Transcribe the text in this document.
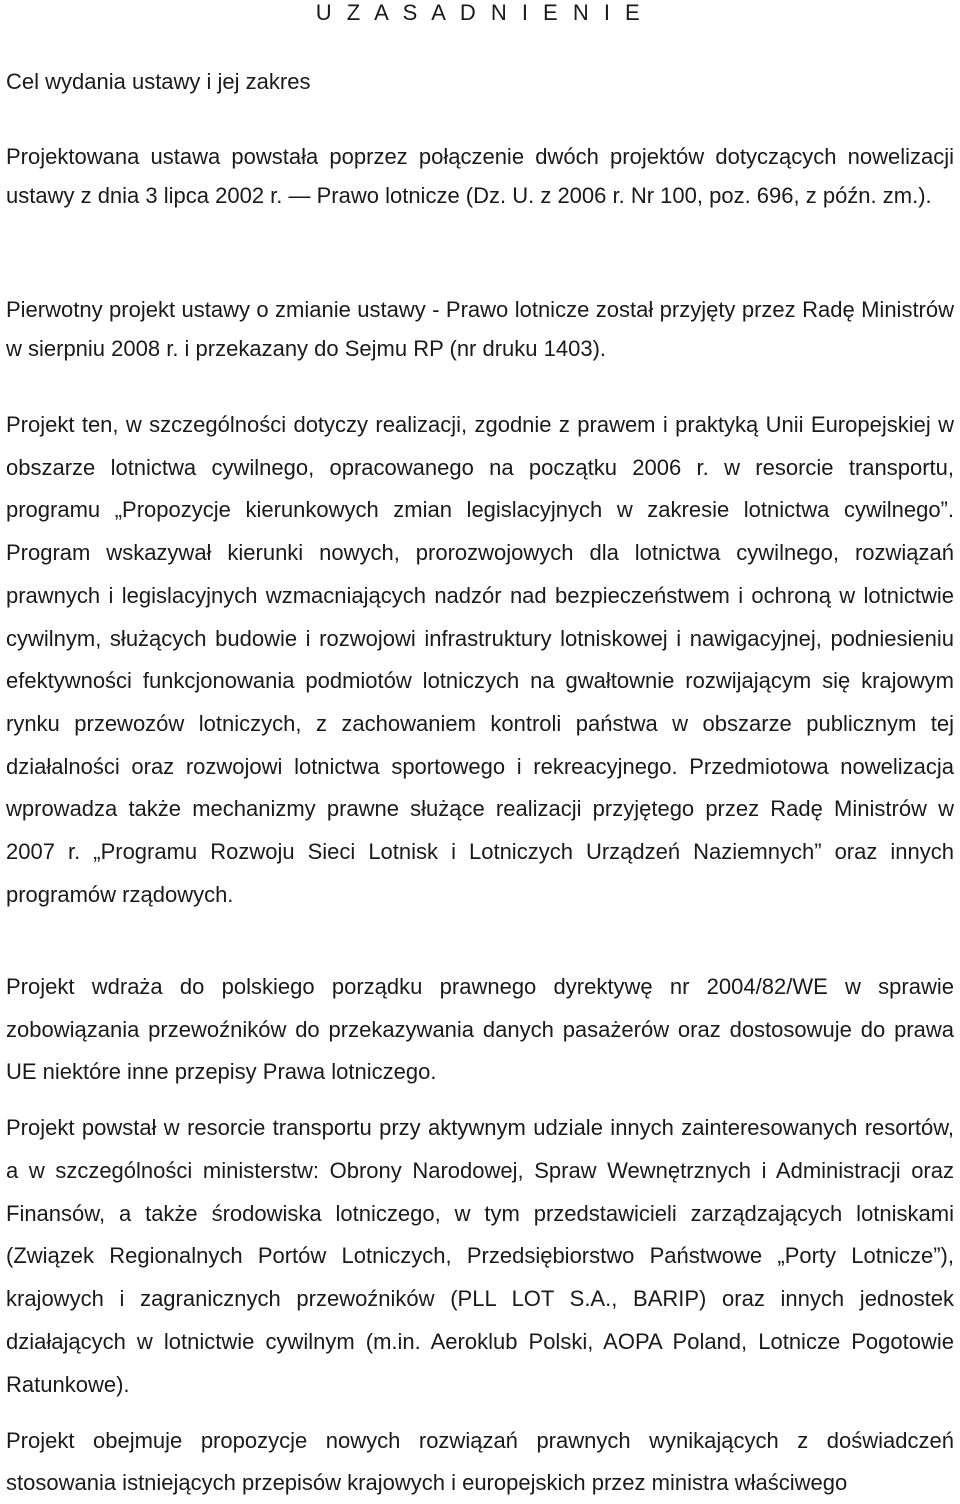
U Z A S A D N I E N I E
Cel wydania ustawy i jej zakres

Projektowana ustawa powstała poprzez połączenie dwóch projektów dotyczących nowelizacji ustawy z dnia 3 lipca 2002 r. — Prawo lotnicze (Dz. U. z 2006 r. Nr 100, poz. 696, z późn. zm.).

Pierwotny projekt ustawy o zmianie ustawy - Prawo lotnicze został przyjęty przez Radę Ministrów w sierpniu 2008 r. i przekazany do Sejmu RP (nr druku 1403).

Projekt ten, w szczególności dotyczy realizacji, zgodnie z prawem i praktyką Unii Europejskiej w obszarze lotnictwa cywilnego, opracowanego na początku 2006 r. w resorcie transportu, programu „Propozycje kierunkowych zmian legislacyjnych w zakresie lotnictwa cywilnego”. Program wskazywał kierunki nowych, prorozwojowych dla lotnictwa cywilnego, rozwiązań prawnych i legislacyjnych wzmacniających nadzór nad bezpieczeństwem i ochroną w lotnictwie cywilnym, służących budowie i rozwojowi infrastruktury lotniskowej i nawigacyjnej, podniesieniu efektywności funkcjonowania podmiotów lotniczych na gwałtownie rozwijającym się krajowym rynku przewozów lotniczych, z zachowaniem kontroli państwa w obszarze publicznym tej działalności oraz rozwojowi lotnictwa sportowego i rekreacyjnego. Przedmiotowa nowelizacja wprowadza także mechanizmy prawne służące realizacji przyjętego przez Radę Ministrów w 2007 r. „Programu Rozwoju Sieci Lotnisk i Lotniczych Urządzeń Naziemnych” oraz innych programów rządowych.

Projekt wdraża do polskiego porządku prawnego dyrektywę nr 2004/82/WE w sprawie zobowiązania przewoźników do przekazywania danych pasażerów oraz dostosowuje do prawa UE niektóre inne przepisy Prawa lotniczego.

Projekt powstał w resorcie transportu przy aktywnym udziale innych zainteresowanych resortów, a w szczególności ministerstw: Obrony Narodowej, Spraw Wewnętrznych i Administracji oraz Finansów, a także środowiska lotniczego, w tym przedstawicieli zarządzających lotniskami (Związek Regionalnych Portów Lotniczych, Przedsiębiorstwo Państwowe „Porty Lotnicze”), krajowych i zagranicznych przewoźników (PLL LOT S.A., BARIP) oraz innych jednostek działających w lotnictwie cywilnym (m.in. Aeroklub Polski, AOPA Poland, Lotnicze Pogotowie Ratunkowe).

Projekt obejmuje propozycje nowych rozwiązań prawnych wynikających z doświadczeń stosowania istniejących przepisów krajowych i europejskich przez ministra właściwego
